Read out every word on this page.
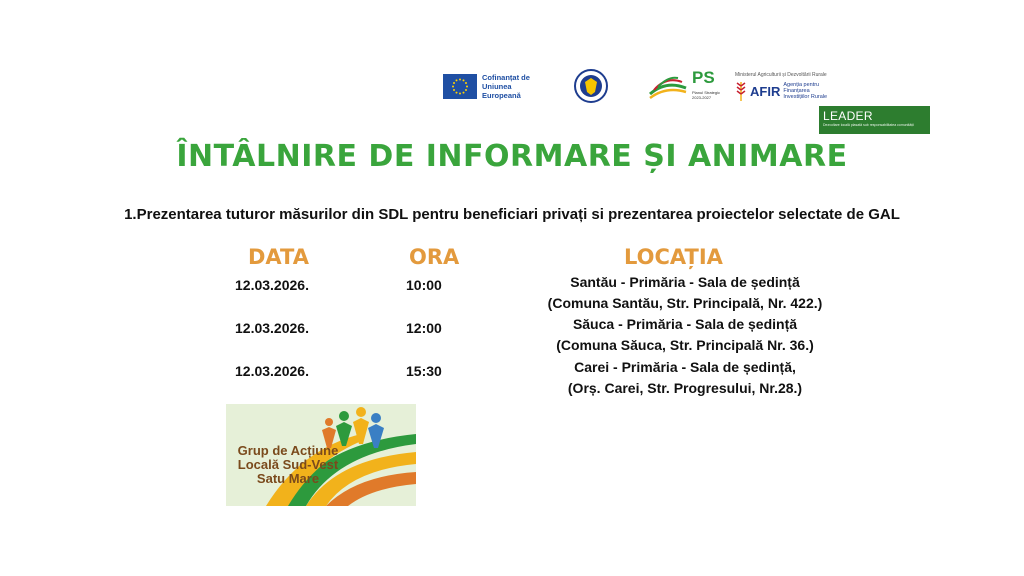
Cofinanțat de
Uniunea Europeană
PS
Planul Strategic 2023-2027
Ministerul Agriculturii și Dezvoltării Rurale
AFIR Agenția pentru Finanțarea Investițiilor Rurale
LEADER
Dezvoltare locală plasată sub responsabilitatea comunității
ÎNTÂLNIRE DE INFORMARE ȘI ANIMARE
1.Prezentarea tuturor măsurilor din SDL pentru beneficiari privați si prezentarea proiectelor selectate de GAL
DATA	ORA	LOCAȚIA
12.03.2026.	10:00	Santău - Primăria - Sala de ședință
(Comuna Santău, Str. Principală, Nr. 422.)
12.03.2026.	12:00	Săuca - Primăria - Sala de ședință
(Comuna Săuca, Str. Principală Nr. 36.)
12.03.2026.	15:30	Carei - Primăria - Sala de ședință,
(Orș. Carei, Str. Progresului, Nr.28.)
Grup de Acțiune Locală Sud-Vest Satu Mare
